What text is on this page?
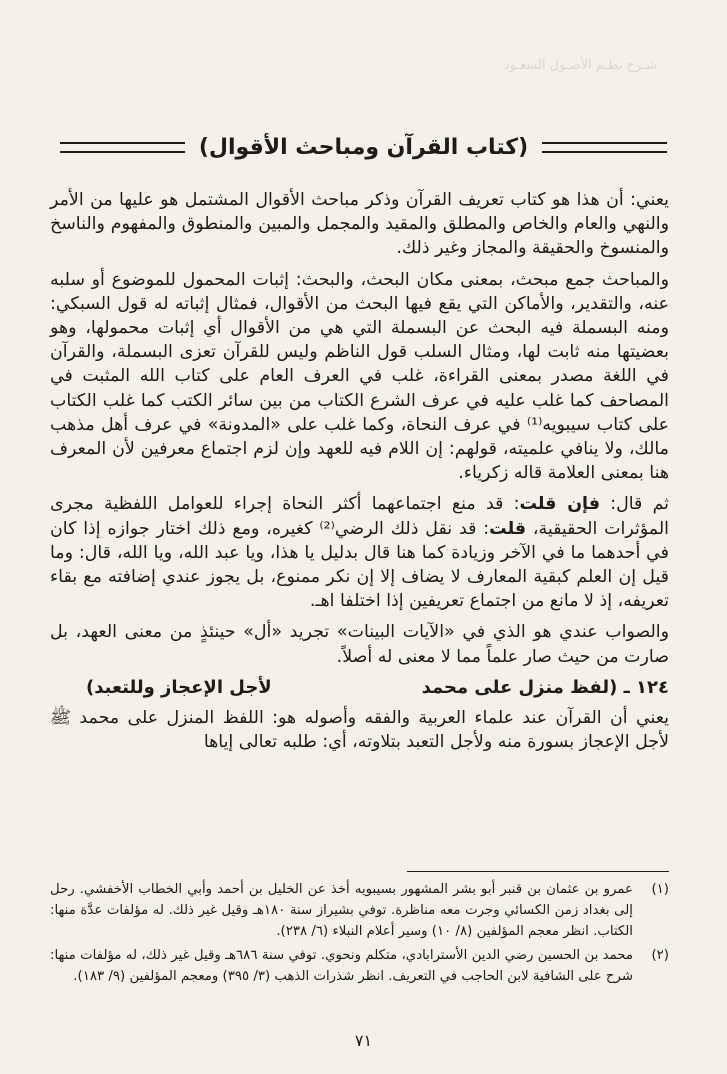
شـرح نظـم الأصـول السعـود
(كتاب القرآن ومباحث الأقوال)

يعني: أن هذا هو كتاب تعريف القرآن وذكر مباحث الأقوال المشتمل هو عليها من الأمر والنهي والعام والخاص والمطلق والمقيد والمجمل والمبين والمنطوق والمفهوم والناسخ والمنسوخ والحقيقة والمجاز وغير ذلك.

والمباحث جمع مبحث، بمعنى مكان البحث، والبحث: إثبات المحمول للموضوع أو سلبه عنه، والتقدير، والأماكن التي يقع فيها البحث من الأقوال، فمثال إثباته له قول السبكي: ومنه البسملة فيه البحث عن البسملة التي هي من الأقوال أي إثبات محمولها، وهو بعضيتها منه ثابت لها، ومثال السلب قول الناظم وليس للقرآن تعزى البسملة، والقرآن في اللغة مصدر بمعنى القراءة، غلب في العرف العام على كتاب الله المثبت في المصاحف كما غلب عليه في عرف الشرع الكتاب من بين سائر الكتب كما غلب الكتاب على كتاب سيبويه⁽¹⁾ في عرف النحاة، وكما غلب على «المدونة» في عرف أهل مذهب مالك، ولا ينافي علميته، قولهم: إن اللام فيه للعهد وإن لزم اجتماع معرفين لأن المعرف هنا بمعنى العلامة قاله زكرياء.

ثم قال: فإن قلت: قد منع اجتماعهما أكثر النحاة إجراء للعوامل اللفظية مجرى المؤثرات الحقيقية، قلت: قد نقل ذلك الرضي⁽²⁾ كغيره، ومع ذلك اختار جوازه إذا كان في أحدهما ما في الآخر وزيادة كما هنا قال بدليل يا هذا، ويا عبد الله، ويا الله، قال: وما قيل إن العلم كبقية المعارف لا يضاف إلا إن نكر ممنوع، بل يجوز عندي إضافته مع بقاء تعريفه، إذ لا مانع من اجتماع تعريفين إذا اختلفا اهـ.

والصواب عندي هو الذي في «الآيات البينات» تجريد «أل» حينئذٍ من معنى العهد، بل صارت من حيث صار علماً مما لا معنى له أصلاً.

١٢٤ ـ (لفظ منزل على محمد
لأجل الإعجاز وللتعبد)

يعني أن القرآن عند علماء العربية والفقه وأصوله هو: اللفظ المنزل على محمد ﷺ لأجل الإعجاز بسورة منه ولأجل التعبد بتلاوته، أي: طلبه تعالى إياها

(١)
عمرو بن عثمان بن قنبر أبو بشر المشهور بسيبويه أخذ عن الخليل بن أحمد وأبي الخطاب الأخفشي. رحل إلى بغداد زمن الكسائي وجرت معه مناظرة. توفي بشيراز سنة ١٨٠هـ وقيل غير ذلك. له مؤلفات عدَّة منها: الكتاب. انظر معجم المؤلفين (٨/ ١٠) وسير أعلام النبلاء (٦/ ٢٣٨).
(٢)
محمد بن الحسين رضي الدين الأسترابادي، متكلم ونحوي. توفي سنة ٦٨٦هـ وقيل غير ذلك، له مؤلفات منها: شرح على الشافية لابن الحاجب في التعريف. انظر شذرات الذهب (٣/ ٣٩٥) ومعجم المؤلفين (٩/ ١٨٣).
٧١
